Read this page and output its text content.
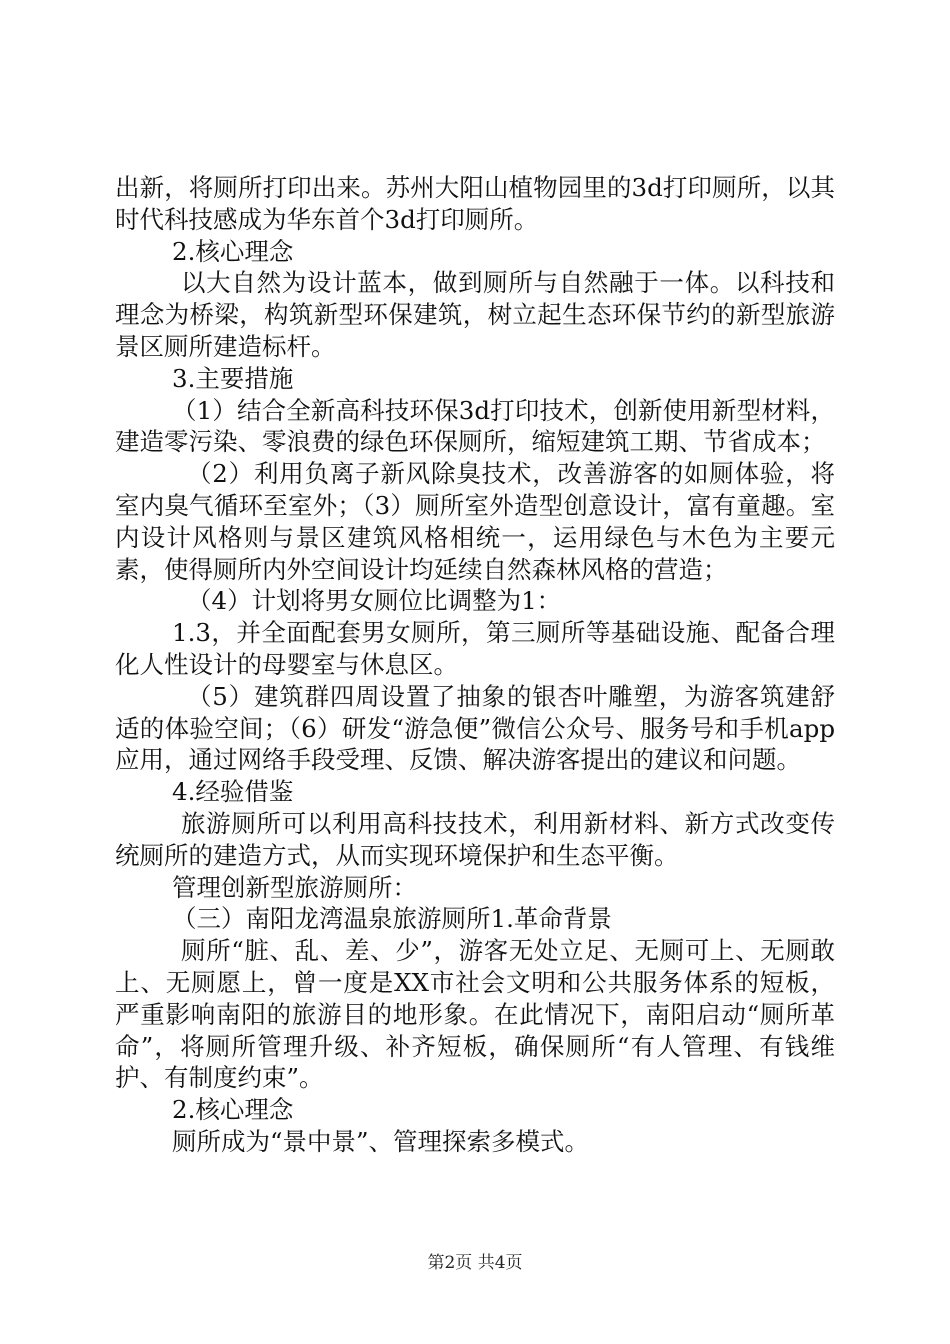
出新，将厕所打印出来。苏州大阳山植物园里的3d打印厕所，以其时代科技感成为华东首个3d打印厕所。

2.核心理念

以大自然为设计蓝本，做到厕所与自然融于一体。以科技和理念为桥梁，构筑新型环保建筑，树立起生态环保节约的新型旅游景区厕所建造标杆。

3.主要措施

（1）结合全新高科技环保3d打印技术，创新使用新型材料，建造零污染、零浪费的绿色环保厕所，缩短建筑工期、节省成本；

（2）利用负离子新风除臭技术，改善游客的如厕体验，将室内臭气循环至室外；（3）厕所室外造型创意设计，富有童趣。室内设计风格则与景区建筑风格相统一，运用绿色与木色为主要元素，使得厕所内外空间设计均延续自然森林风格的营造；

（4）计划将男女厕位比调整为1：

1.3，并全面配套男女厕所，第三厕所等基础设施、配备合理化人性设计的母婴室与休息区。

（5）建筑群四周设置了抽象的银杏叶雕塑，为游客筑建舒适的体验空间；（6）研发“游急便”微信公众号、服务号和手机app应用，通过网络手段受理、反馈、解决游客提出的建议和问题。

4.经验借鉴

旅游厕所可以利用高科技技术，利用新材料、新方式改变传统厕所的建造方式，从而实现环境保护和生态平衡。

管理创新型旅游厕所：

（三）南阳龙湾温泉旅游厕所1.革命背景

厕所“脏、乱、差、少”，游客无处立足、无厕可上、无厕敢上、无厕愿上，曾一度是XX市社会文明和公共服务体系的短板，严重影响南阳的旅游目的地形象。在此情况下，南阳启动“厕所革命”，将厕所管理升级、补齐短板，确保厕所“有人管理、有钱维护、有制度约束”。

2.核心理念

厕所成为“景中景”、管理探索多模式。

第2页 共4页
